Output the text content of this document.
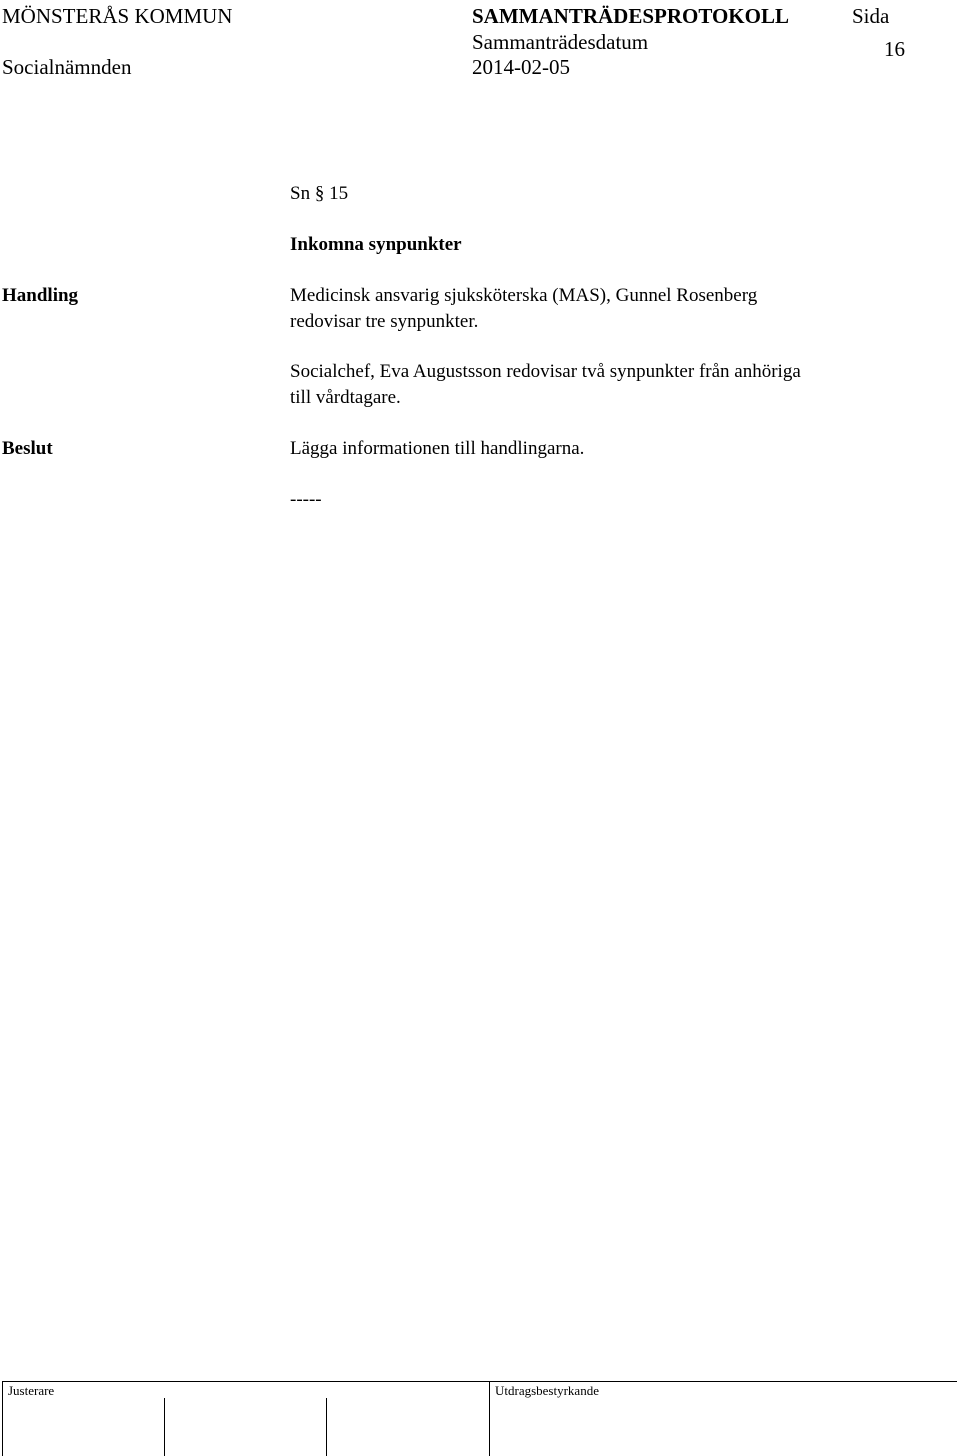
MÖNSTERÅS KOMMUN
Socialnämnden
SAMMANTRÄDESPROTOKOLL
Sammanträdesdatum
2014-02-05
Sida
16
Sn § 15
Inkomna synpunkter
Handling	Medicinsk ansvarig sjuksköterska (MAS), Gunnel Rosenberg
redovisar tre synpunkter.
Socialchef, Eva Augustsson redovisar två synpunkter från anhöriga
till vårdtagare.
Beslut	Lägga informationen till handlingarna.
-----
Justerare	Utdragsbestyrkande
